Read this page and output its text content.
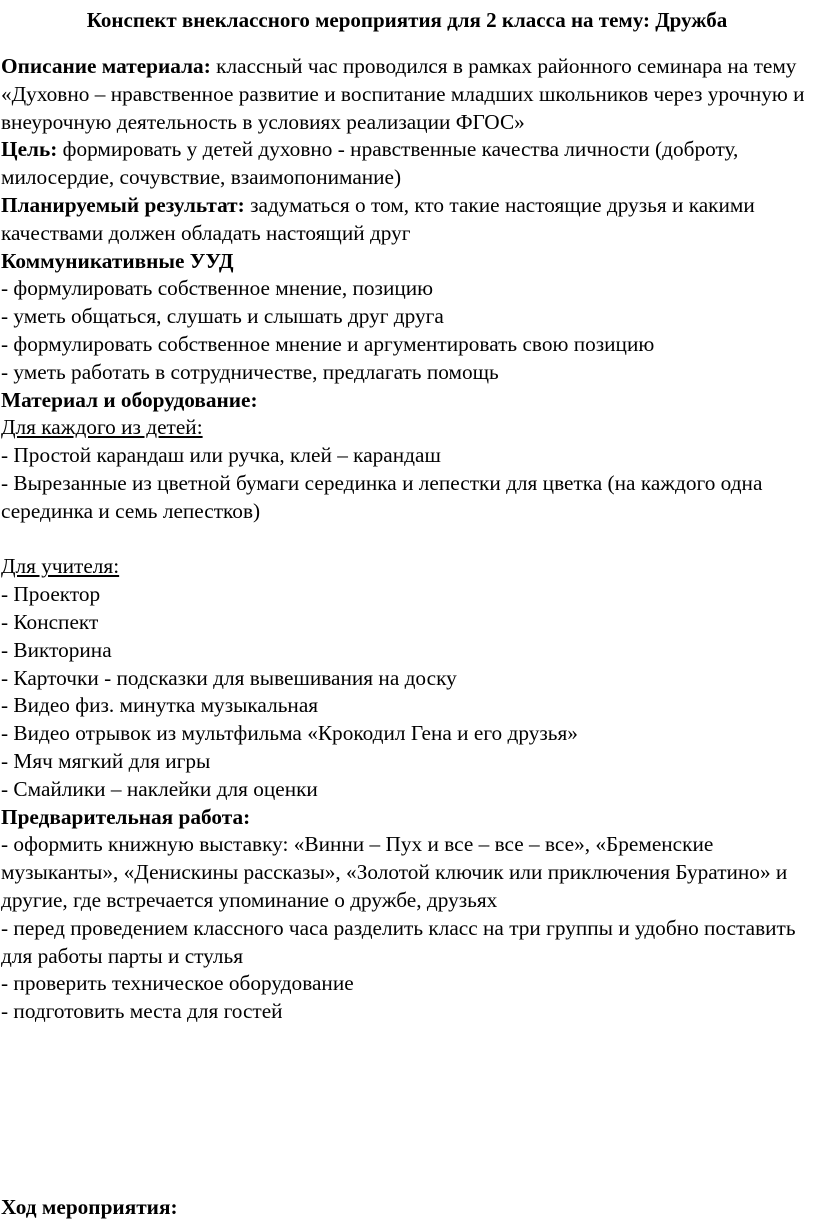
Конспект внеклассного мероприятия для 2 класса на тему: Дружба

Описание материала: классный час проводился в рамках районного семинара на тему «Духовно – нравственное развитие и воспитание младших школьников через урочную и внеурочную деятельность в условиях реализации ФГОС»

Цель: формировать у детей духовно - нравственные качества личности (доброту, милосердие, сочувствие, взаимопонимание)

Планируемый результат: задуматься о том, кто такие настоящие друзья и какими качествами должен обладать настоящий друг

Коммуникативные УУД

- формулировать собственное мнение, позицию

- уметь общаться, слушать и слышать друг друга

- формулировать собственное мнение и аргументировать свою позицию

- уметь работать в сотрудничестве, предлагать помощь

Материал и оборудование:

Для каждого из детей:

- Простой карандаш или ручка, клей – карандаш

- Вырезанные из цветной бумаги серединка и лепестки для цветка (на каждого одна серединка и семь лепестков)

Для учителя:

- Проектор

- Конспект

- Викторина

- Карточки - подсказки для вывешивания на доску

- Видео физ. минутка музыкальная

- Видео отрывок из мультфильма «Крокодил Гена и его друзья»

- Мяч мягкий для игры

- Смайлики – наклейки для оценки

Предварительная работа:

- оформить книжную выставку: «Винни – Пух и все – все – все», «Бременские музыканты», «Денискины рассказы», «Золотой ключик или приключения Буратино» и другие, где встречается упоминание о дружбе, друзьях

- перед проведением классного часа разделить класс на три группы и удобно поставить для работы парты и стулья

- проверить техническое оборудование

- подготовить места для гостей

Ход мероприятия:
